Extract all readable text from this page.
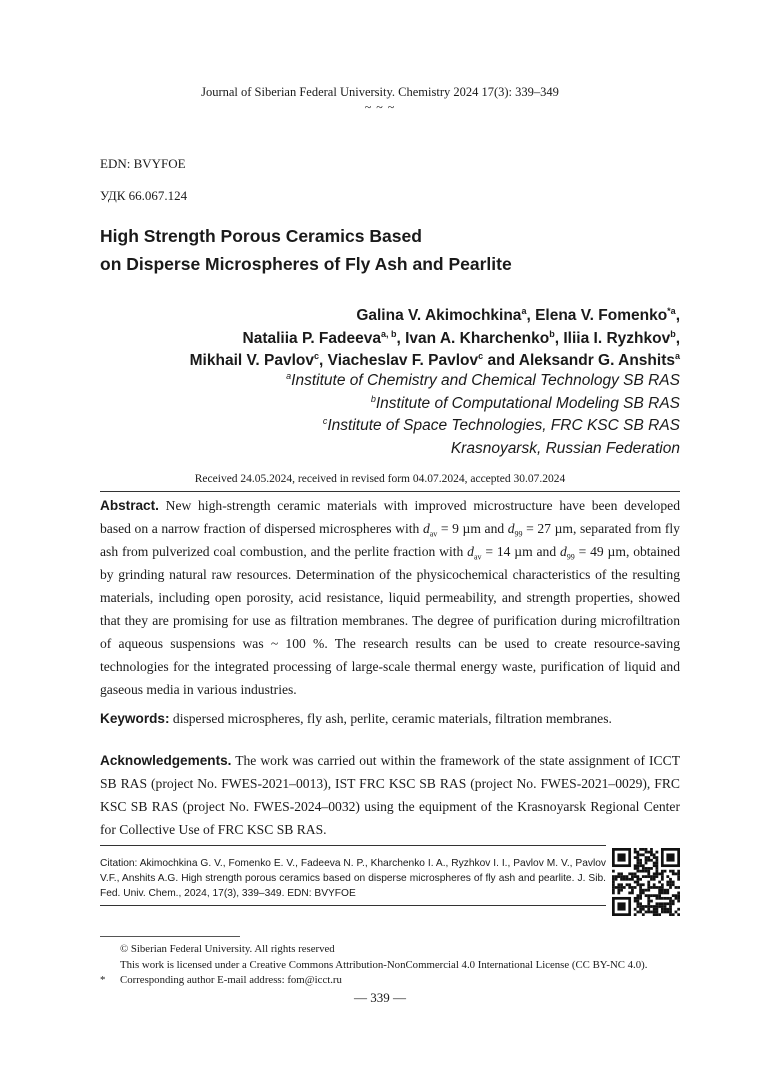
Journal of Siberian Federal University. Chemistry 2024 17(3): 339–349
~ ~ ~
EDN: BVYFOE
УДК 66.067.124
High Strength Porous Ceramics Based
on Disperse Microspheres of Fly Ash and Pearlite
Galina V. Akimochkina$^a$, Elena V. Fomenko$^{*a}$,
Nataliia P. Fadeeva$^{a, b}$, Ivan A. Kharchenko$^b$, Iliia I. Ryzhkov$^b$,
Mikhail V. Pavlov$^c$, Viacheslav F. Pavlov$^c$ and Aleksandr G. Anshits$^a$
$^a$Institute of Chemistry and Chemical Technology SB RAS
$^b$Institute of Computational Modeling SB RAS
$^c$Institute of Space Technologies, FRC KSC SB RAS
Krasnoyarsk, Russian Federation
Received 24.05.2024, received in revised form 04.07.2024, accepted 30.07.2024
Abstract. New high-strength ceramic materials with improved microstructure have been developed based on a narrow fraction of dispersed microspheres with $d_{av} = 9$ µm and $d_{99} = 27$ µm, separated from fly ash from pulverized coal combustion, and the perlite fraction with $d_{av} = 14$ µm and $d_{99} = 49$ µm, obtained by grinding natural raw resources. Determination of the physicochemical characteristics of the resulting materials, including open porosity, acid resistance, liquid permeability, and strength properties, showed that they are promising for use as filtration membranes. The degree of purification during microfiltration of aqueous suspensions was ~ 100 %. The research results can be used to create resource-saving technologies for the integrated processing of large-scale thermal energy waste, purification of liquid and gaseous media in various industries.
Keywords: dispersed microspheres, fly ash, perlite, ceramic materials, filtration membranes.
Acknowledgements. The work was carried out within the framework of the state assignment of ICCT SB RAS (project No. FWES-2021–0013), IST FRC KSC SB RAS (project No. FWES-2021–0029), FRC KSC SB RAS (project No. FWES-2024–0032) using the equipment of the Krasnoyarsk Regional Center for Collective Use of FRC KSC SB RAS.
Citation: Akimochkina G. V., Fomenko E. V., Fadeeva N. P., Kharchenko I. A., Ryzhkov I. I., Pavlov M. V., Pavlov V.F., Anshits A.G. High strength porous ceramics based on disperse microspheres of fly ash and pearlite. J. Sib. Fed. Univ. Chem., 2024, 17(3), 339–349. EDN: BVYFOE
© Siberian Federal University. All rights reserved
This work is licensed under a Creative Commons Attribution-NonCommercial 4.0 International License (CC BY-NC 4.0).
* Corresponding author E-mail address: fom@icct.ru
— 339 —
